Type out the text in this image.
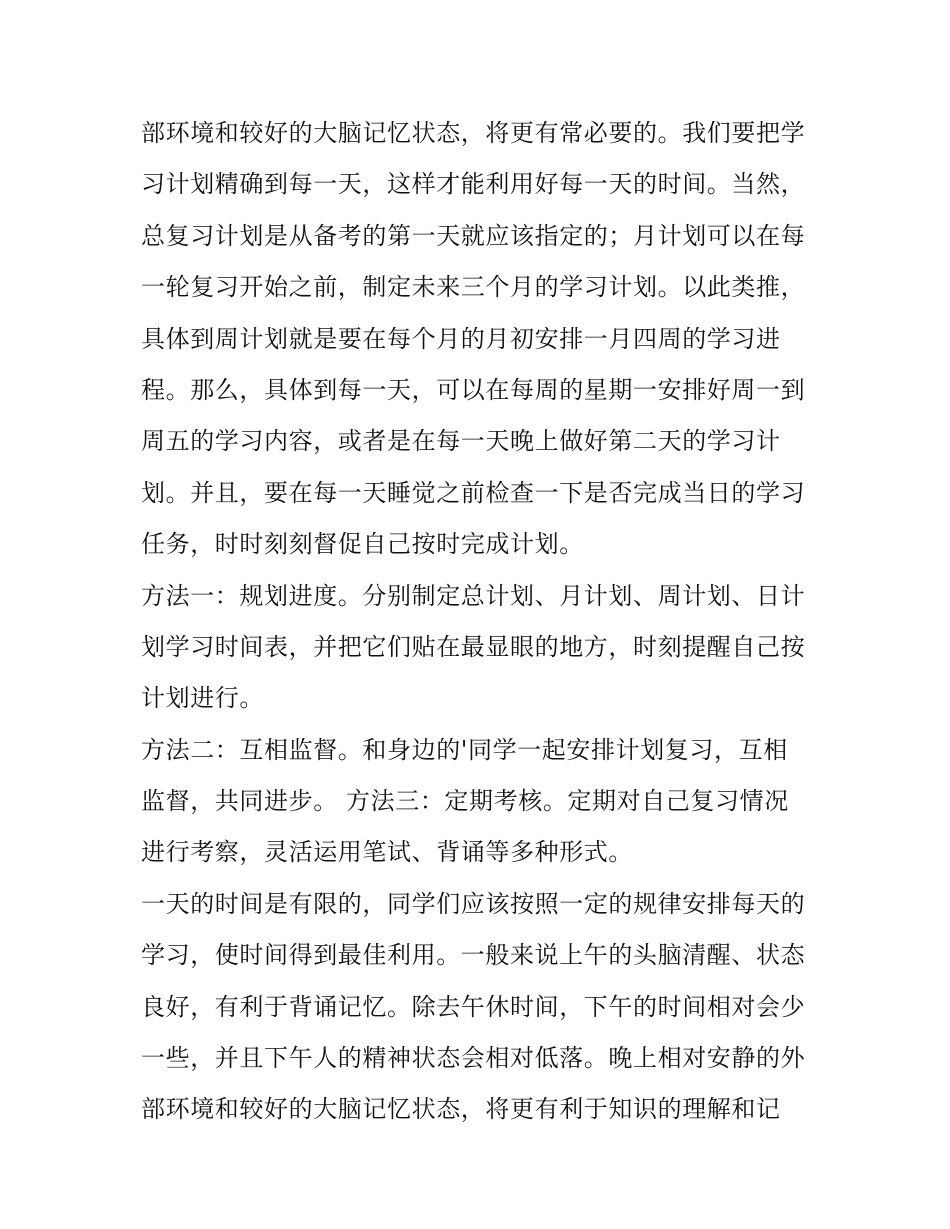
部环境和较好的大脑记忆状态，将更有常必要的。我们要把学
习计划精确到每一天，这样才能利用好每一天的时间。当然，
总复习计划是从备考的第一天就应该指定的；月计划可以在每
一轮复习开始之前，制定未来三个月的学习计划。以此类推，
具体到周计划就是要在每个月的月初安排一月四周的学习进
程。那么，具体到每一天，可以在每周的星期一安排好周一到
周五的学习内容，或者是在每一天晚上做好第二天的学习计
划。并且，要在每一天睡觉之前检查一下是否完成当日的学习
任务，时时刻刻督促自己按时完成计划。
方法一：规划进度。分别制定总计划、月计划、周计划、日计
划学习时间表，并把它们贴在最显眼的地方，时刻提醒自己按
计划进行。
方法二：互相监督。和身边的'同学一起安排计划复习，互相
监督，共同进步。 方法三：定期考核。定期对自己复习情况
进行考察，灵活运用笔试、背诵等多种形式。
一天的时间是有限的，同学们应该按照一定的规律安排每天的
学习，使时间得到最佳利用。一般来说上午的头脑清醒、状态
良好，有利于背诵记忆。除去午休时间，下午的时间相对会少
一些，并且下午人的精神状态会相对低落。晚上相对安静的外
部环境和较好的大脑记忆状态，将更有利于知识的理解和记
